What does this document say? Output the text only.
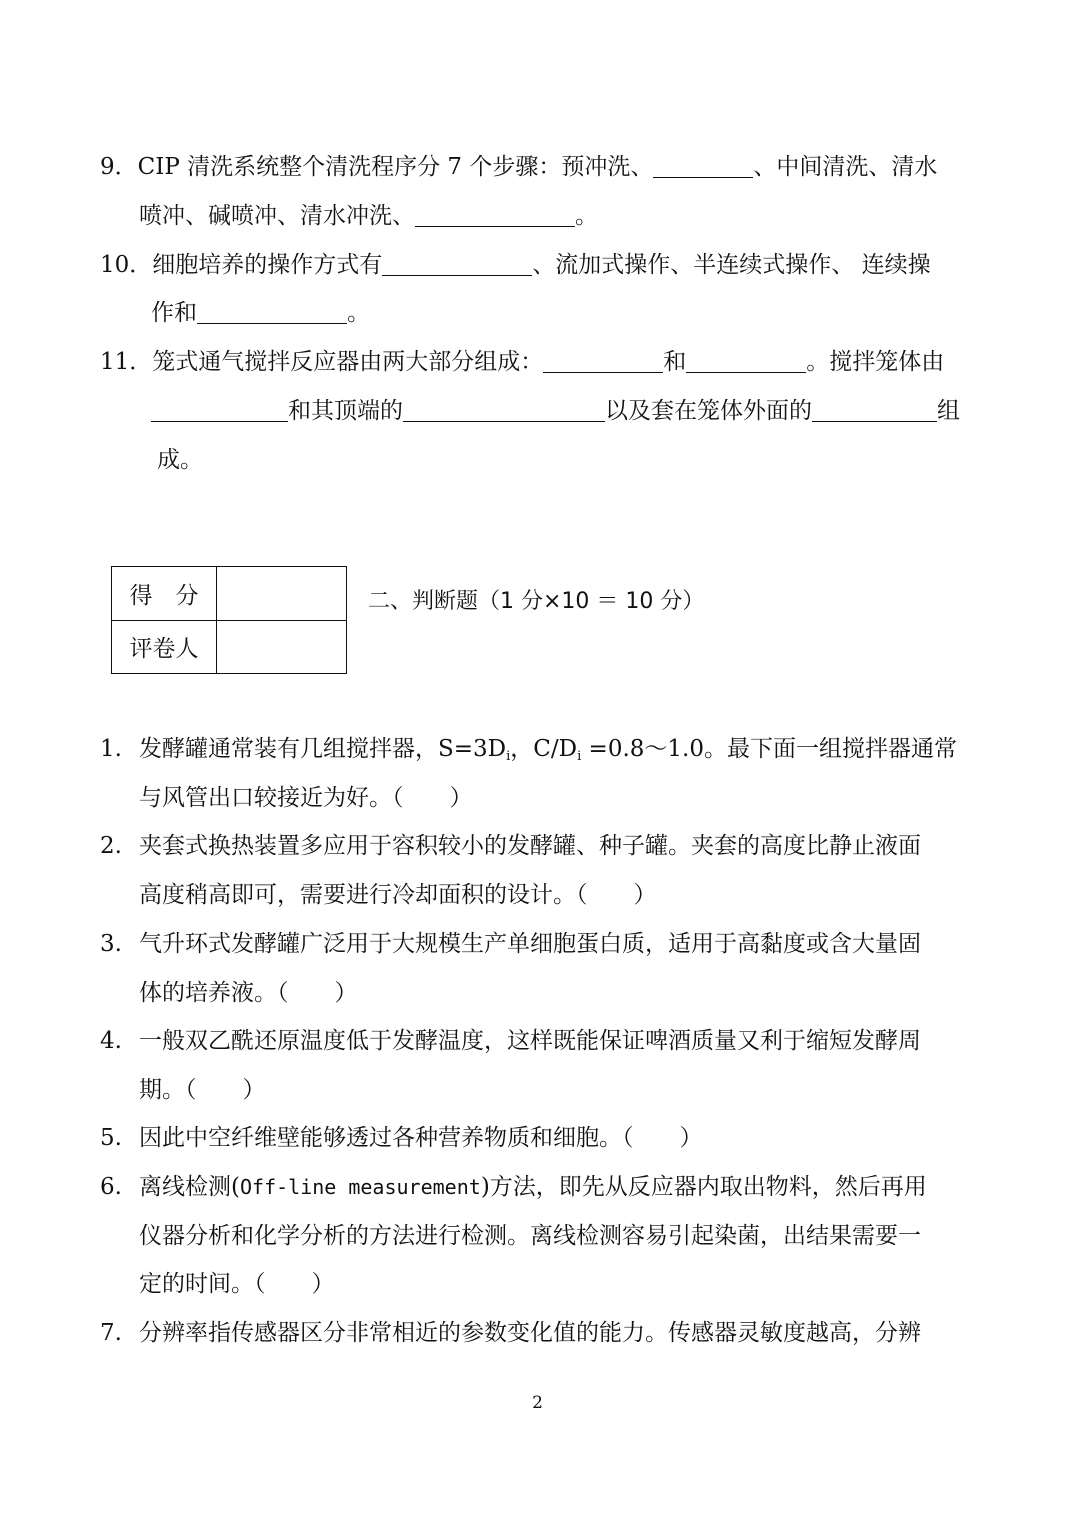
9．CIP 清洗系统整个清洗程序分 7 个步骤：预冲洗、	、中间清洗、清水
喷冲、碱喷冲、清水冲洗、	。
10．细胞培养的操作方式有	、流加式操作、半连续式操作、 连续操
作和	。
11．笼式通气搅拌反应器由两大部分组成：	和	。搅拌笼体由
和其顶端的	以及套在笼体外面的	组
成。
得　分	
评卷人	
二、判断题（1 分×10 ＝ 10 分）
1. 发酵罐通常装有几组搅拌器，$S=3D_i$，$C/D_i$ =0.8～1.0。最下面一组搅拌器通常
与风管出口较接近为好。（　　）
2. 夹套式换热装置多应用于容积较小的发酵罐、种子罐。夹套的高度比静止液面
高度稍高即可，需要进行冷却面积的设计。（　　）
3. 气升环式发酵罐广泛用于大规模生产单细胞蛋白质，适用于高黏度或含大量固
体的培养液。（　　）
4. 一般双乙酰还原温度低于发酵温度，这样既能保证啤酒质量又利于缩短发酵周
期。（　　）
5. 因此中空纤维壁能够透过各种营养物质和细胞。（　　）
6. 离线检测(Off-line measurement)方法，即先从反应器内取出物料，然后再用
仪器分析和化学分析的方法进行检测。离线检测容易引起染菌，出结果需要一
定的时间。（　　）
7. 分辨率指传感器区分非常相近的参数变化值的能力。传感器灵敏度越高，分辨
2
